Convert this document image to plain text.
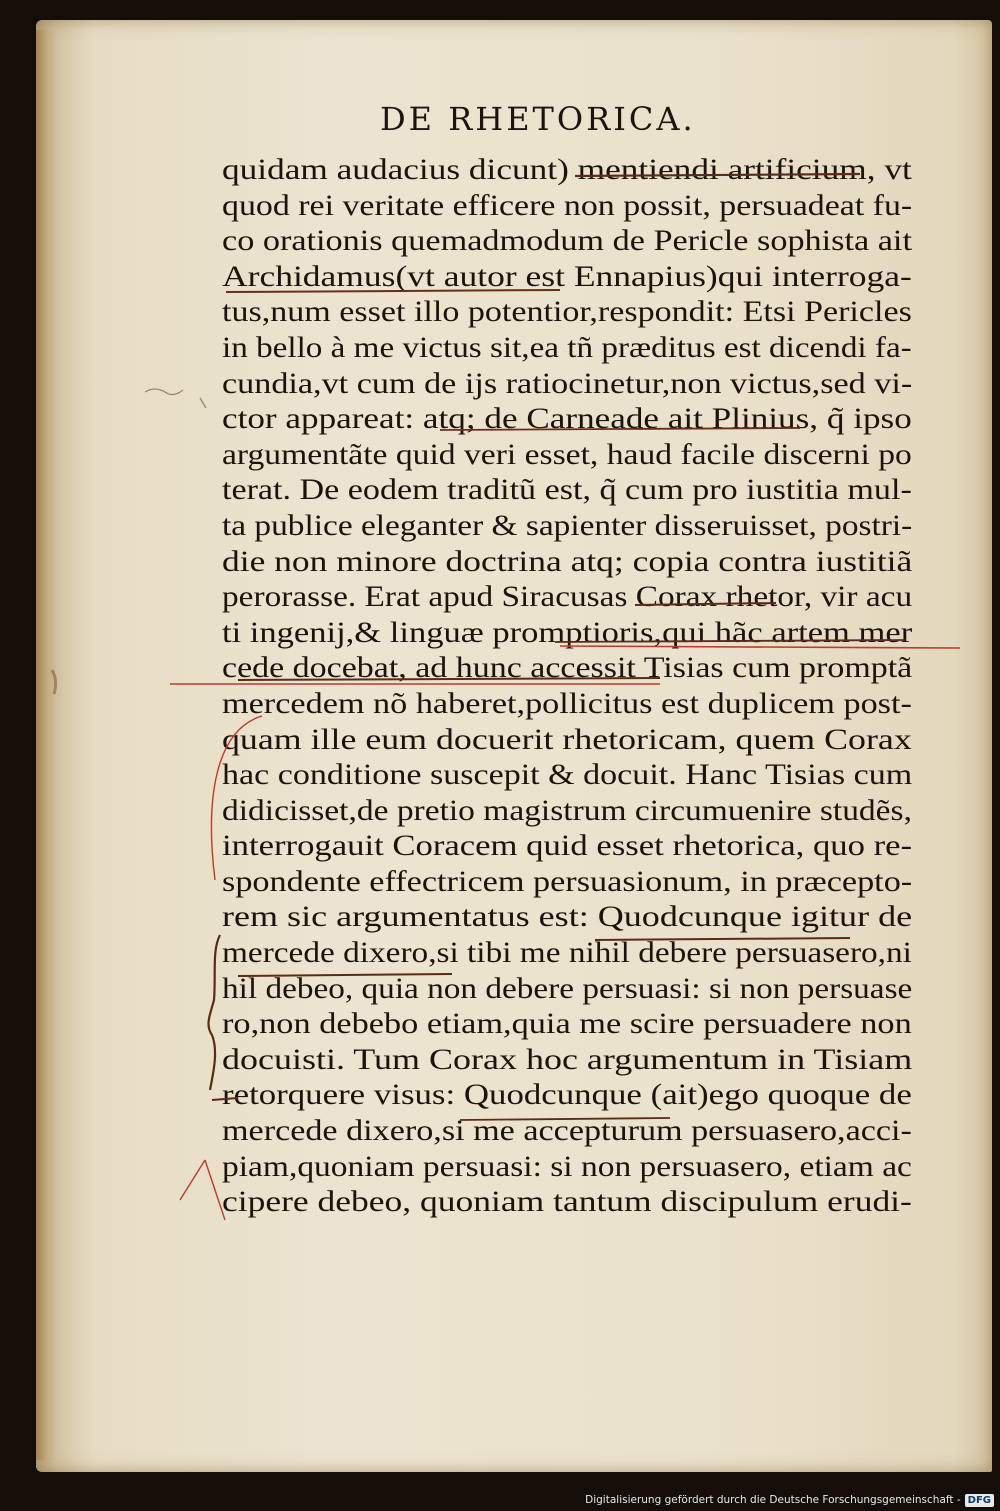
DE RHETORICA.
quidam audacius dicunt) mentiendi artificium, vt
quod rei veritate efficere non possit, persuadeat fu-
co orationis quemadmodum de Pericle sophista ait
Archidamus(vt autor est Ennapius)qui interroga-
tus,num esset illo potentior,respondit: Etsi Pericles
in bello à me victus sit,ea tñ præditus est dicendi fa-
cundia,vt cum de ijs ratiocinetur,non victus,sed vi-
ctor appareat: atq; de Carneade ait Plinius, q̃ ipso
argumentãte quid veri esset, haud facile discerni po
terat. De eodem traditũ est, q̃ cum pro iustitia mul-
ta publice eleganter & sapienter disseruisset, postri-
die non minore doctrina atq; copia contra iustitiã
perorasse. Erat apud Siracusas Corax rhetor, vir acu
ti ingenij,& linguæ promptioris,qui hãc artem mer
cede docebat, ad hunc accessit Tisias cum promptã
mercedem nõ haberet,pollicitus est duplicem post-
quam ille eum docuerit rhetoricam, quem Corax
hac conditione suscepit & docuit. Hanc Tisias cum
didicisset,de pretio magistrum circumuenire studẽs,
interrogauit Coracem quid esset rhetorica, quo re-
spondente effectricem persuasionum, in præcepto-
rem sic argumentatus est: Quodcunque igitur de
mercede dixero,si tibi me nihil debere persuasero,ni
hil debeo, quia non debere persuasi: si non persuase
ro,non debebo etiam,quia me scire persuadere non
docuisti. Tum Corax hoc argumentum in Tisiam
retorquere visus: Quodcunque (ait)ego quoque de
mercede dixero,si me accepturum persuasero,acci-
piam,quoniam persuasi: si non persuasero, etiam ac
cipere debeo, quoniam tantum discipulum erudi-
Digitalisierung gefördert durch die Deutsche Forschungsgemeinschaft - DFG
